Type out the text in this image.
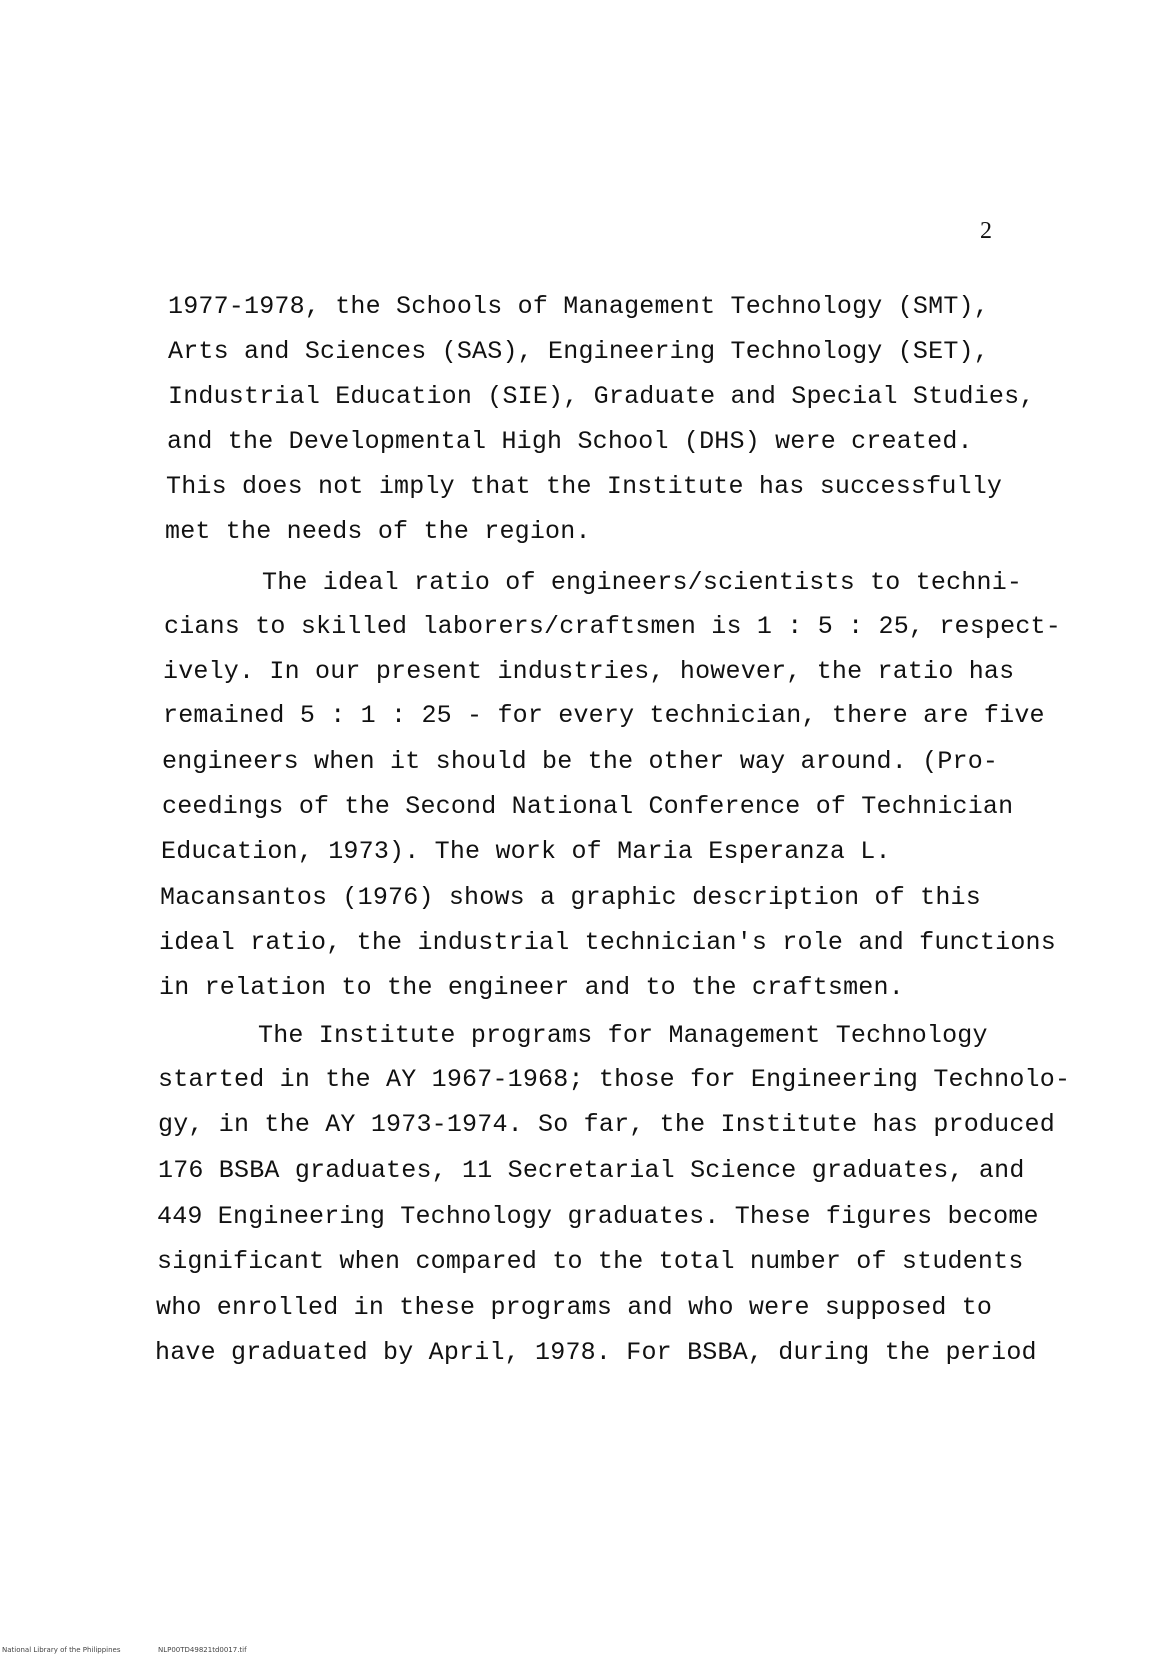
2
1977-1978, the Schools of Management Technology (SMT),
Arts and Sciences (SAS), Engineering Technology (SET),
Industrial Education (SIE), Graduate and Special Studies,
and the Developmental High School (DHS) were created.
This does not imply that the Institute has successfully
met the needs of the region.
The ideal ratio of engineers/scientists to techni-
cians to skilled laborers/craftsmen is 1 : 5 : 25, respect-
ively. In our present industries, however, the ratio has
remained 5 : 1 : 25 - for every technician, there are five
engineers when it should be the other way around. (Pro-
ceedings of the Second National Conference of Technician
Education, 1973). The work of Maria Esperanza L.
Macansantos (1976) shows a graphic description of this
ideal ratio, the industrial technician's role and functions
in relation to the engineer and to the craftsmen.
The Institute programs for Management Technology
started in the AY 1967-1968; those for Engineering Technolo-
gy, in the AY 1973-1974. So far, the Institute has produced
176 BSBA graduates, 11 Secretarial Science graduates, and
449 Engineering Technology graduates. These figures become
significant when compared to the total number of students
who enrolled in these programs and who were supposed to
have graduated by April, 1978. For BSBA, during the period
National Library of the Philippines	NLP00TD49821td0017.tif
